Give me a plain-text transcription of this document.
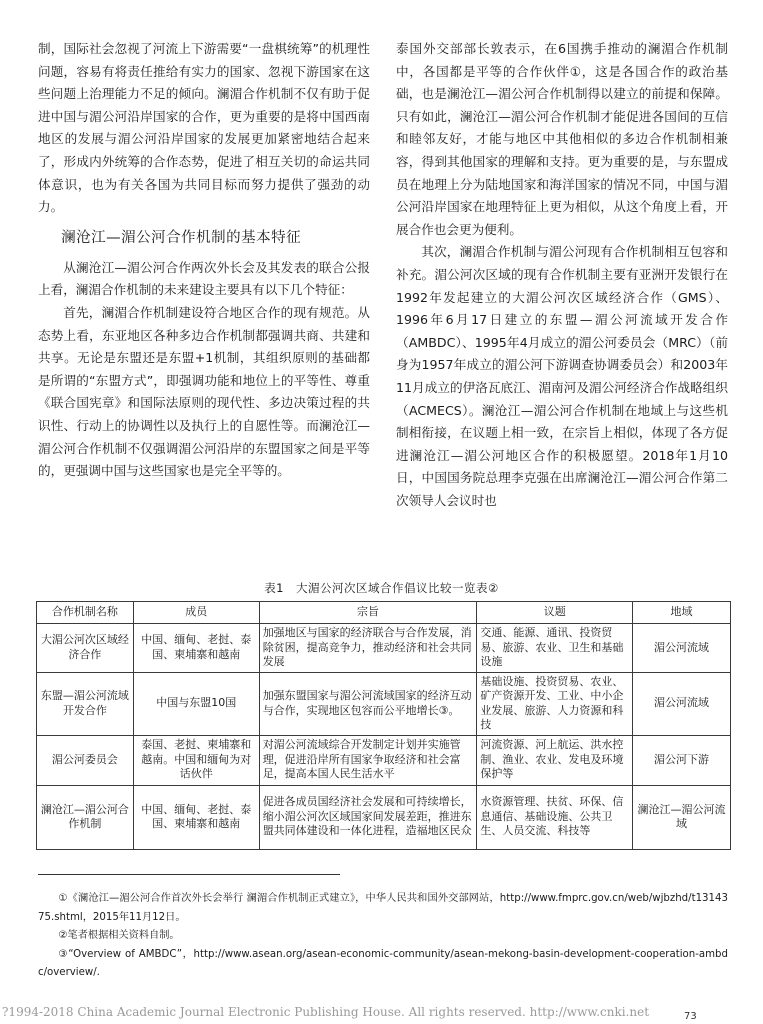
制，国际社会忽视了河流上下游需要“一盘棋统筹”的机理性问题，容易有将责任推给有实力的国家、忽视下游国家在这些问题上治理能力不足的倾向。澜湄合作机制不仅有助于促进中国与湄公河沿岸国家的合作，更为重要的是将中国西南地区的发展与湄公河沿岸国家的发展更加紧密地结合起来了，形成内外统筹的合作态势，促进了相互关切的命运共同体意识，也为有关各国为共同目标而努力提供了强劲的动力。

澜沧江—湄公河合作机制的基本特征

从澜沧江—湄公河合作两次外长会及其发表的联合公报上看，澜湄合作机制的未来建设主要具有以下几个特征：

首先，澜湄合作机制建设符合地区合作的现有规范。从态势上看，东亚地区各种多边合作机制都强调共商、共建和共享。无论是东盟还是东盟+1机制，其组织原则的基础都是所谓的“东盟方式”，即强调功能和地位上的平等性、尊重《联合国宪章》和国际法原则的现代性、多边决策过程的共识性、行动上的协调性以及执行上的自愿性等。而澜沧江—湄公河合作机制不仅强调湄公河沿岸的东盟国家之间是平等的，更强调中国与这些国家也是完全平等的。

泰国外交部部长敦表示，在6国携手推动的澜湄合作机制中，各国都是平等的合作伙伴①，这是各国合作的政治基础，也是澜沧江—湄公河合作机制得以建立的前提和保障。只有如此，澜沧江—湄公河合作机制才能促进各国间的互信和睦邻友好，才能与地区中其他相似的多边合作机制相兼容，得到其他国家的理解和支持。更为重要的是，与东盟成员在地理上分为陆地国家和海洋国家的情况不同，中国与湄公河沿岸国家在地理特征上更为相似，从这个角度上看，开展合作也会更为便利。

其次，澜湄合作机制与湄公河现有合作机制相互包容和补充。湄公河次区域的现有合作机制主要有亚洲开发银行在1992年发起建立的大湄公河次区域经济合作（GMS）、1996年6月17日建立的东盟—湄公河流域开发合作（AMBDC）、1995年4月成立的湄公河委员会（MRC）（前身为1957年成立的湄公河下游调查协调委员会）和2003年11月成立的伊洛瓦底江、湄南河及湄公河经济合作战略组织（ACMECS）。澜沧江—湄公河合作机制在地域上与这些机制相衔接，在议题上相一致，在宗旨上相似，体现了各方促进澜沧江—湄公河地区合作的积极愿望。2018年1月10日，中国国务院总理李克强在出席澜沧江—湄公河合作第二次领导人会议时也

表1　大湄公河次区域合作倡议比较一览表②
合作机制名称	成员	宗旨	议题	地域
大湄公河次区域经济合作	中国、缅甸、老挝、泰国、柬埔寨和越南	加强地区与国家的经济联合与合作发展，消除贫困，提高竞争力，推动经济和社会共同发展	交通、能源、通讯、投资贸易、旅游、农业、卫生和基础设施	湄公河流域
东盟—湄公河流域开发合作	中国与东盟10国	加强东盟国家与湄公河流域国家的经济互动与合作，实现地区包容而公平地增长③。	基础设施、投资贸易、农业、矿产资源开发、工业、中小企业发展、旅游、人力资源和科技	湄公河流域
湄公河委员会	泰国、老挝、柬埔寨和越南。中国和缅甸为对话伙伴	对湄公河流域综合开发制定计划并实施管理，促进沿岸所有国家争取经济和社会富足，提高本国人民生活水平	河流资源、河上航运、洪水控制、渔业、农业、发电及环境保护等	湄公河下游
澜沧江—湄公河合作机制	中国、缅甸、老挝、泰国、柬埔寨和越南	促进各成员国经济社会发展和可持续增长，缩小湄公河次区域国家间发展差距，推进东盟共同体建设和一体化进程，造福地区民众	水资源管理、扶贫、环保、信息通信、基础设施、公共卫生、人员交流、科技等	澜沧江—湄公河流域

①《澜沧江—湄公河合作首次外长会举行 澜湄合作机制正式建立》，中华人民共和国外交部网站，http://www.fmprc.gov.cn/web/wjbzhd/t1314375.shtml，2015年11月12日。

②笔者根据相关资料自制。

③“Overview of AMBDC”，http://www.asean.org/asean-economic-community/asean-mekong-basin-development-cooperation-ambdc/overview/.

?1994-2018 China Academic Journal Electronic Publishing House. All rights reserved. http://www.cnki.net	73
